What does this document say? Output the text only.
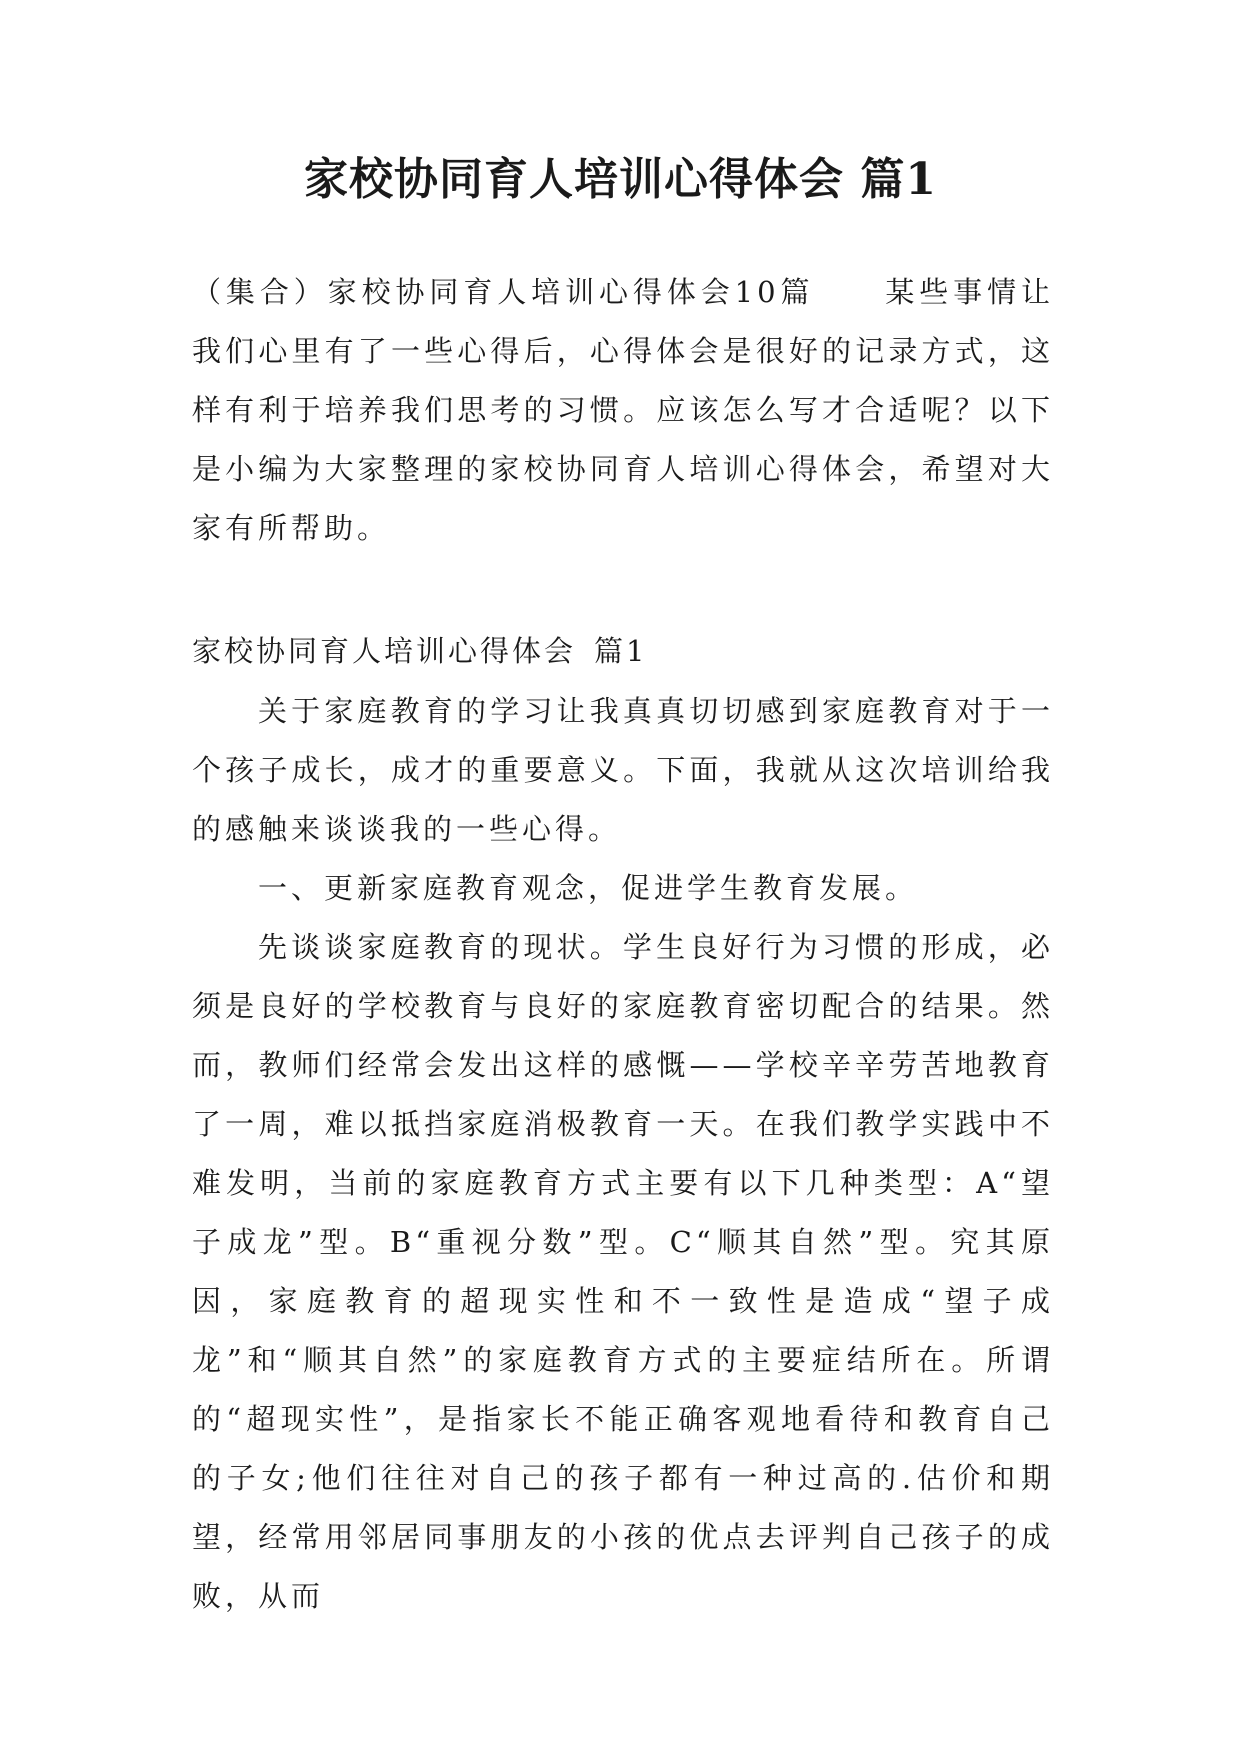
家校协同育人培训心得体会 篇1

（集合）家校协同育人培训心得体会10篇 某些事情让我们心里有了一些心得后，心得体会是很好的记录方式，这样有利于培养我们思考的习惯。应该怎么写才合适呢？以下是小编为大家整理的家校协同育人培训心得体会，希望对大家有所帮助。

家校协同育人培训心得体会 篇1

关于家庭教育的学习让我真真切切感到家庭教育对于一个孩子成长，成才的重要意义。下面，我就从这次培训给我的感触来谈谈我的一些心得。

一、更新家庭教育观念，促进学生教育发展。

先谈谈家庭教育的现状。学生良好行为习惯的形成，必须是良好的学校教育与良好的家庭教育密切配合的结果。然而，教师们经常会发出这样的感慨——学校辛辛劳苦地教育了一周，难以抵挡家庭消极教育一天。在我们教学实践中不难发明，当前的家庭教育方式主要有以下几种类型：A“望子成龙”型。B“重视分数”型。C“顺其自然”型。究其原因，家庭教育的超现实性和不一致性是造成“望子成龙”和“顺其自然”的家庭教育方式的主要症结所在。所谓的“超现实性”，是指家长不能正确客观地看待和教育自己的子女;他们往往对自己的孩子都有一种过高的.估价和期望，经常用邻居同事朋友的小孩的优点去评判自己孩子的成败，从而
